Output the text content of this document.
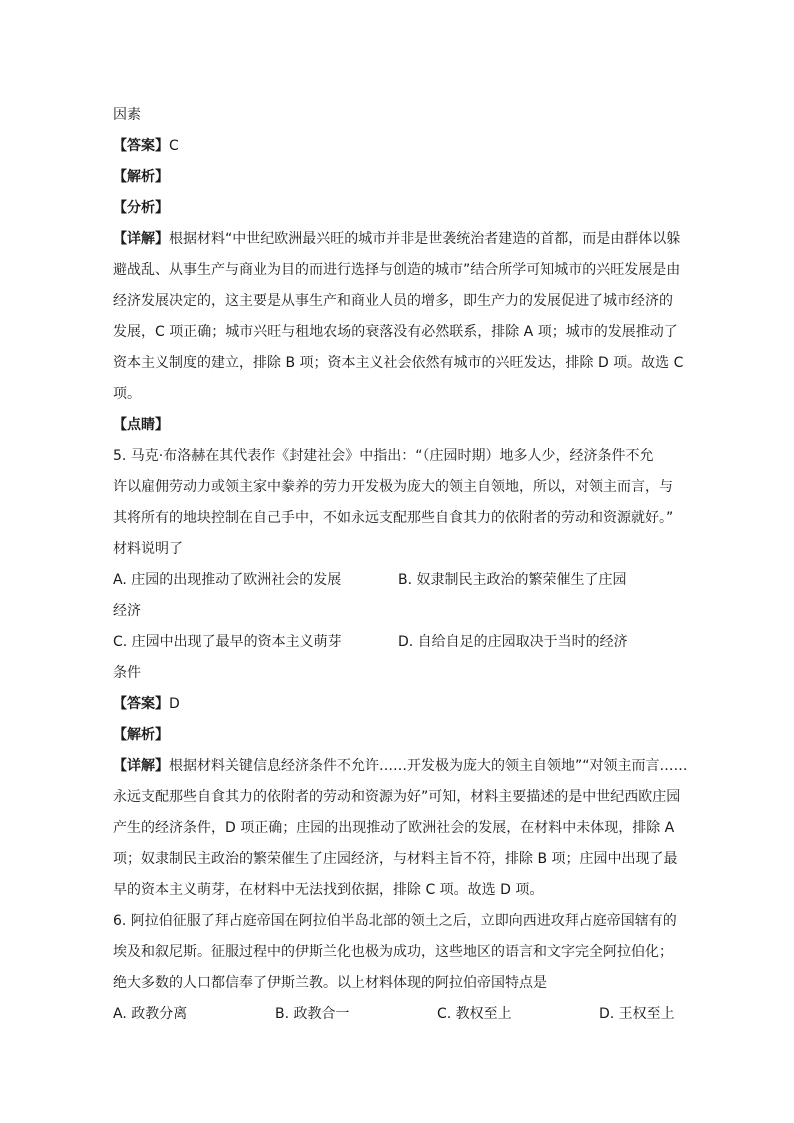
因素
【答案】C
【解析】
【分析】
【详解】根据材料“中世纪欧洲最兴旺的城市并非是世袭统治者建造的首都，而是由群体以躲
避战乱、从事生产与商业为目的而进行选择与创造的城市”结合所学可知城市的兴旺发展是由
经济发展决定的，这主要是从事生产和商业人员的增多，即生产力的发展促进了城市经济的
发展，C 项正确；城市兴旺与租地农场的衰落没有必然联系，排除 A 项；城市的发展推动了
资本主义制度的建立，排除 B 项；资本主义社会依然有城市的兴旺发达，排除 D 项。故选 C
项。
【点睛】
5. 马克·布洛赫在其代表作《封建社会》中指出：“（庄园时期）地多人少，经济条件不允
许以雇佣劳动力或领主家中豢养的劳力开发极为庞大的领主自领地，所以，对领主而言，与
其将所有的地块控制在自己手中，不如永远支配那些自食其力的依附者的劳动和资源就好。”
材料说明了
A. 庄园的出现推动了欧洲社会的发展	B. 奴隶制民主政治的繁荣催生了庄园
经济
C. 庄园中出现了最早的资本主义萌芽	D. 自给自足的庄园取决于当时的经济
条件
【答案】D
【解析】
【详解】根据材料关键信息经济条件不允许……开发极为庞大的领主自领地”“对领主而言……
永远支配那些自食其力的依附者的劳动和资源为好”可知，材料主要描述的是中世纪西欧庄园
产生的经济条件，D 项正确；庄园的出现推动了欧洲社会的发展，在材料中未体现，排除 A
项；奴隶制民主政治的繁荣催生了庄园经济，与材料主旨不符，排除 B 项；庄园中出现了最
早的资本主义萌芽，在材料中无法找到依据，排除 C 项。故选 D 项。
6. 阿拉伯征服了拜占庭帝国在阿拉伯半岛北部的领土之后，立即向西进攻拜占庭帝国辖有的
埃及和叙尼斯。征服过程中的伊斯兰化也极为成功，这些地区的语言和文字完全阿拉伯化；
绝大多数的人口都信奉了伊斯兰教。以上材料体现的阿拉伯帝国特点是
A. 政教分离	B. 政教合一	C. 教权至上	D. 王权至上
